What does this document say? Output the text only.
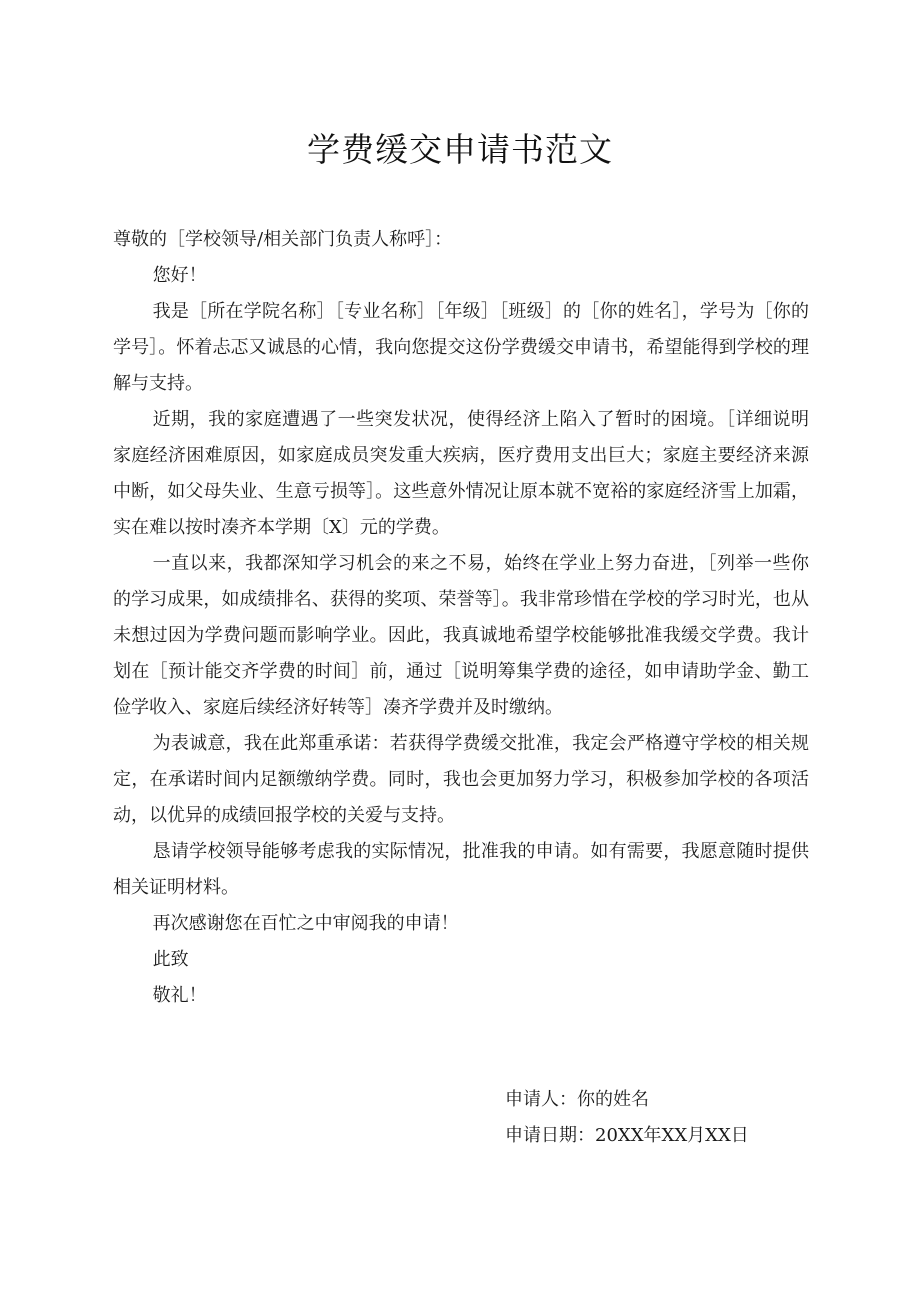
学费缓交申请书范文

尊敬的［学校领导/相关部门负责人称呼］：

您好！

我是［所在学院名称］［专业名称］［年级］［班级］的［你的姓名］，学号为［你的学号］。怀着忐忑又诚恳的心情，我向您提交这份学费缓交申请书，希望能得到学校的理解与支持。

近期，我的家庭遭遇了一些突发状况，使得经济上陷入了暂时的困境。［详细说明家庭经济困难原因，如家庭成员突发重大疾病，医疗费用支出巨大；家庭主要经济来源中断，如父母失业、生意亏损等］。这些意外情况让原本就不宽裕的家庭经济雪上加霜，实在难以按时凑齐本学期〔X〕元的学费。

一直以来，我都深知学习机会的来之不易，始终在学业上努力奋进，［列举一些你的学习成果，如成绩排名、获得的奖项、荣誉等］。我非常珍惜在学校的学习时光，也从未想过因为学费问题而影响学业。因此，我真诚地希望学校能够批准我缓交学费。我计划在［预计能交齐学费的时间］前，通过［说明筹集学费的途径，如申请助学金、勤工俭学收入、家庭后续经济好转等］凑齐学费并及时缴纳。

为表诚意，我在此郑重承诺：若获得学费缓交批准，我定会严格遵守学校的相关规定，在承诺时间内足额缴纳学费。同时，我也会更加努力学习，积极参加学校的各项活动，以优异的成绩回报学校的关爱与支持。

恳请学校领导能够考虑我的实际情况，批准我的申请。如有需要，我愿意随时提供相关证明材料。

再次感谢您在百忙之中审阅我的申请！

此致

敬礼！

申请人：你的姓名
申请日期：20XX年XX月XX日
